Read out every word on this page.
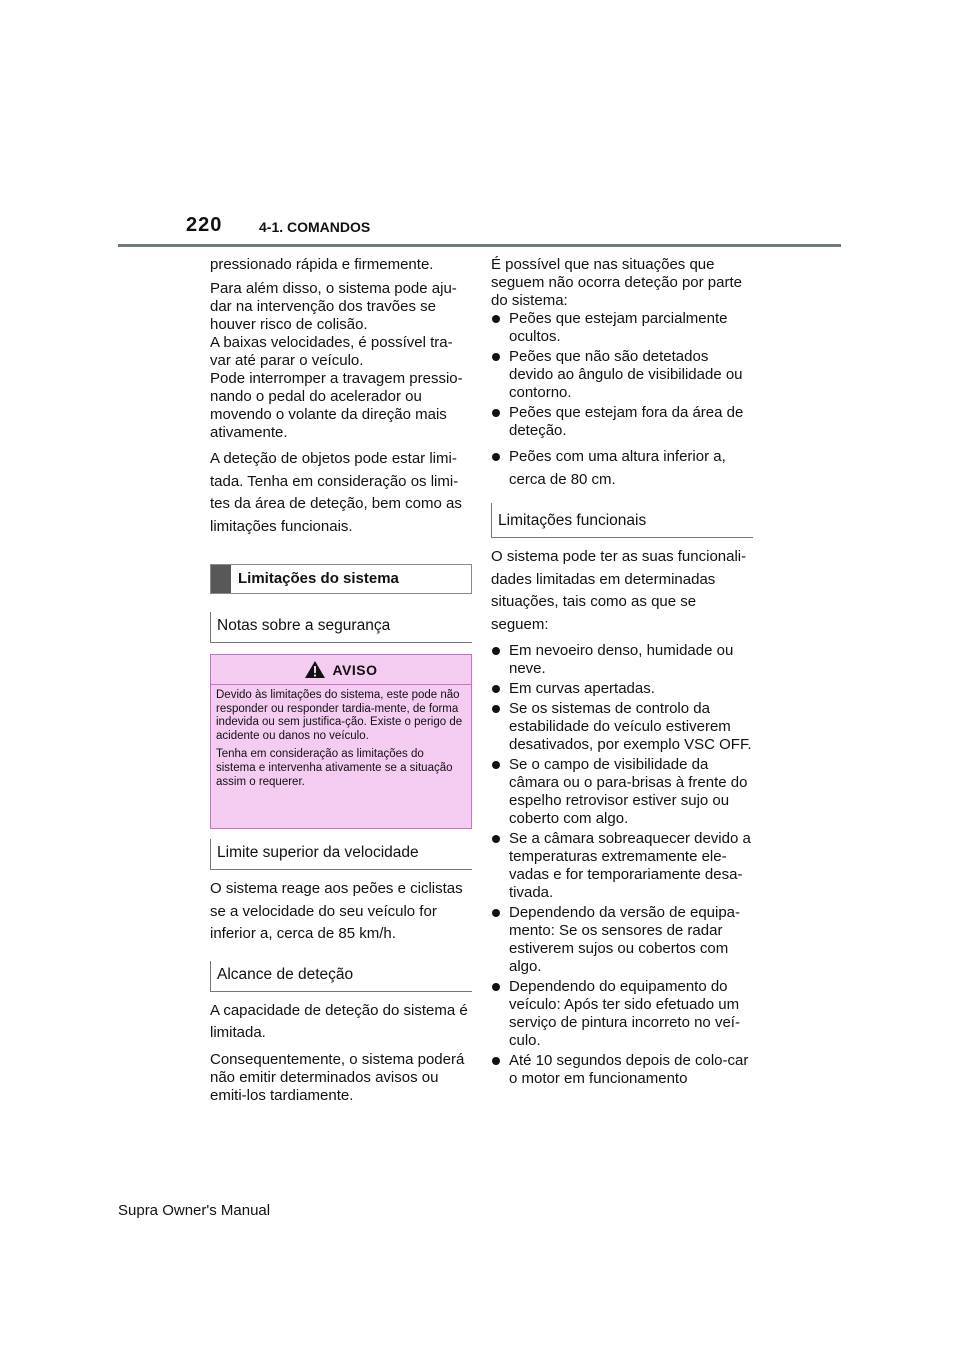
220	4-1. COMANDOS

pressionado rápida e firmemente.

Para além disso, o sistema pode aju-dar na intervenção dos travões se houver risco de colisão.
A baixas velocidades, é possível tra-var até parar o veículo.
Pode interromper a travagem pressio-nando o pedal do acelerador ou movendo o volante da direção mais ativamente.

A deteção de objetos pode estar limi-tada. Tenha em consideração os limi-tes da área de deteção, bem como as limitações funcionais.

Limitações do sistema
Notas sobre a segurança
AVISO

Devido às limitações do sistema, este pode não responder ou responder tardia-mente, de forma indevida ou sem justifica-ção. Existe o perigo de acidente ou danos no veículo.

Tenha em consideração as limitações do sistema e intervenha ativamente se a situação assim o requerer.

Limite superior da velocidade

O sistema reage aos peões e ciclistas se a velocidade do seu veículo for inferior a, cerca de 85 km/h.

Alcance de deteção

A capacidade de deteção do sistema é limitada.

Consequentemente, o sistema poderá não emitir determinados avisos ou emiti-los tardiamente.

É possível que nas situações que seguem não ocorra deteção por parte do sistema:

Peões que estejam parcialmente ocultos.
Peões que não são detetados devido ao ângulo de visibilidade ou contorno.
Peões que estejam fora da área de deteção.
Peões com uma altura inferior a, cerca de 80 cm.
Limitações funcionais

O sistema pode ter as suas funcionali-dades limitadas em determinadas situações, tais como as que se seguem:

Em nevoeiro denso, humidade ou neve.
Em curvas apertadas.
Se os sistemas de controlo da estabilidade do veículo estiverem desativados, por exemplo VSC OFF.
Se o campo de visibilidade da câmara ou o para-brisas à frente do espelho retrovisor estiver sujo ou coberto com algo.
Se a câmara sobreaquecer devido a temperaturas extremamente ele-vadas e for temporariamente desa-tivada.
Dependendo da versão de equipa-mento: Se os sensores de radar estiverem sujos ou cobertos com algo.
Dependendo do equipamento do veículo: Após ter sido efetuado um serviço de pintura incorreto no veí-culo.
Até 10 segundos depois de colo-car o motor em funcionamento
Supra Owner's Manual
